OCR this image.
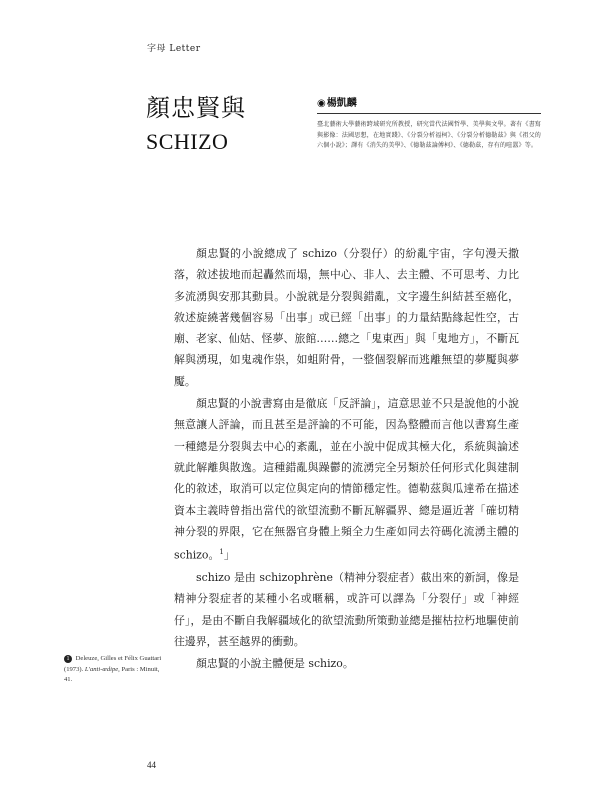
字母 Letter
顏忠賢與
SCHIZO
◉楊凱麟
臺北藝術大學藝術跨域研究所教授，研究當代法國哲學、美學與文學。著有《書寫與影像：法國思想，在地實踐》、《分裂分析福柯》、《分裂分析德勒茲》與《祖父的六個小說》；譯有《消失的美學》、《德勒茲論傅柯》、《德勒茲，存有的喧囂》等。

顏忠賢的小說總成了 schizo（分裂仔）的紛亂宇宙，字句漫天撒落，敘述拔地而起轟然而塌，無中心、非人、去主體、不可思考、力比多流湧與安那其動員。小說就是分裂與錯亂，文字邊生糾結甚至癌化，敘述旋繞著幾個容易「出事」或已經「出事」的力量結點緣起性空，古廟、老家、仙姑、怪夢、旅館……總之「鬼東西」與「鬼地方」，不斷瓦解與湧現，如鬼魂作祟，如蛆附骨，一整個裂解而逃離無望的夢魘與夢魘。

顏忠賢的小說書寫由是徹底「反評論」，這意思並不只是說他的小說無意讓人評論，而且甚至是評論的不可能，因為整體而言他以書寫生產一種總是分裂與去中心的紊亂，並在小說中促成其極大化，系統與論述就此解離與散逸。這種錯亂與躁鬱的流湧完全另類於任何形式化與建制化的敘述，取消可以定位與定向的情節穩定性。德勒茲與瓜達希在描述資本主義時曾指出當代的欲望流動不斷瓦解疆界、總是逼近著「確切精神分裂的界限，它在無器官身體上頻全力生產如同去符碼化流湧主體的 schizo。$^1$」

schizo 是由 schizophrène（精神分裂症者）截出來的新詞，像是精神分裂症者的某種小名或暱稱，或許可以譯為「分裂仔」或「神經仔」，是由不斷自我解疆域化的欲望流動所策動並總是摧枯拉朽地驅使前往邊界，甚至越界的衝動。

顏忠賢的小說主體便是 schizo。

1 Deleuze, Gilles et Félix Guattari (1973). L'anti-œdipe, Paris : Minuit, 41.
44
